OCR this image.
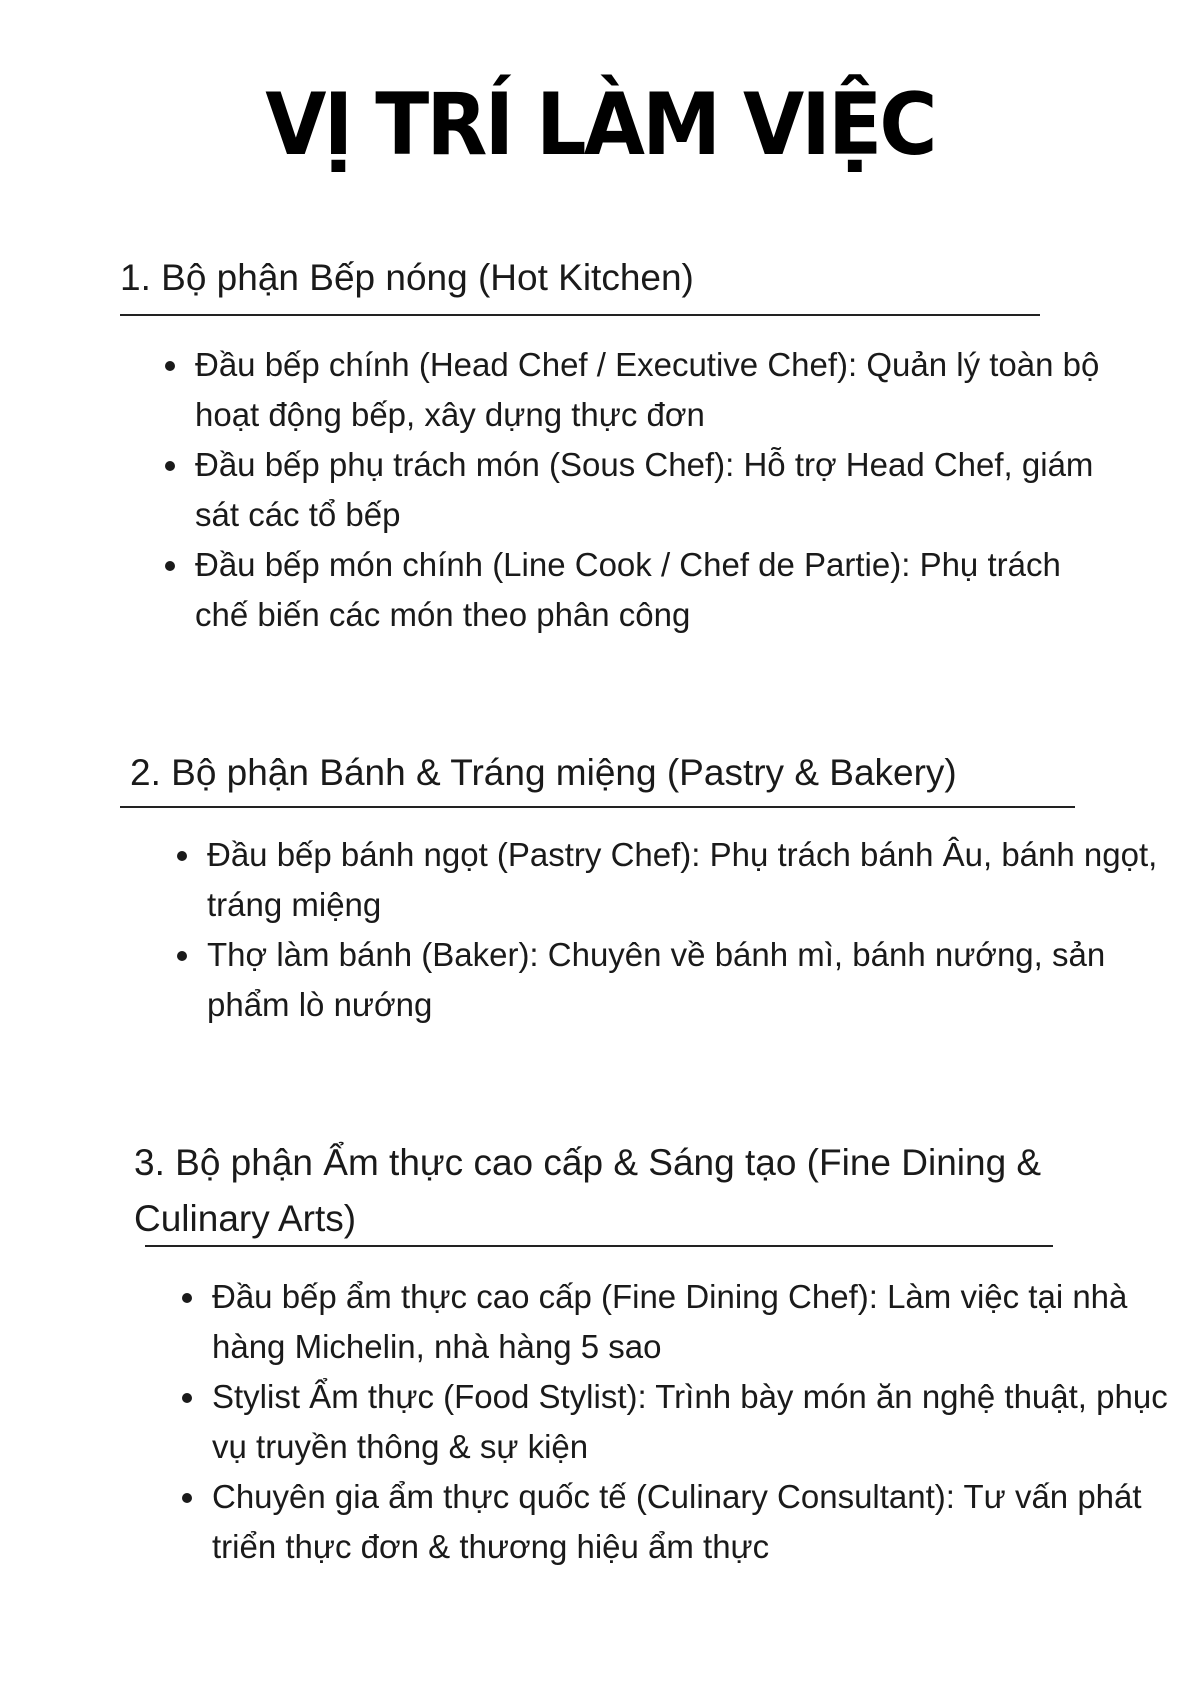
VỊ TRÍ LÀM VIỆC
1. Bộ phận Bếp nóng (Hot Kitchen)
Đầu bếp chính (Head Chef / Executive Chef): Quản lý toàn bộ hoạt động bếp, xây dựng thực đơn
Đầu bếp phụ trách món (Sous Chef): Hỗ trợ Head Chef, giám sát các tổ bếp
Đầu bếp món chính (Line Cook / Chef de Partie): Phụ trách chế biến các món theo phân công
2. Bộ phận Bánh & Tráng miệng (Pastry & Bakery)
Đầu bếp bánh ngọt (Pastry Chef): Phụ trách bánh Âu, bánh ngọt, tráng miệng
Thợ làm bánh (Baker): Chuyên về bánh mì, bánh nướng, sản phẩm lò nướng
3. Bộ phận Ẩm thực cao cấp & Sáng tạo (Fine Dining & Culinary Arts)
Đầu bếp ẩm thực cao cấp (Fine Dining Chef): Làm việc tại nhà hàng Michelin, nhà hàng 5 sao
Stylist Ẩm thực (Food Stylist): Trình bày món ăn nghệ thuật, phục vụ truyền thông & sự kiện
Chuyên gia ẩm thực quốc tế (Culinary Consultant): Tư vấn phát triển thực đơn & thương hiệu ẩm thực
